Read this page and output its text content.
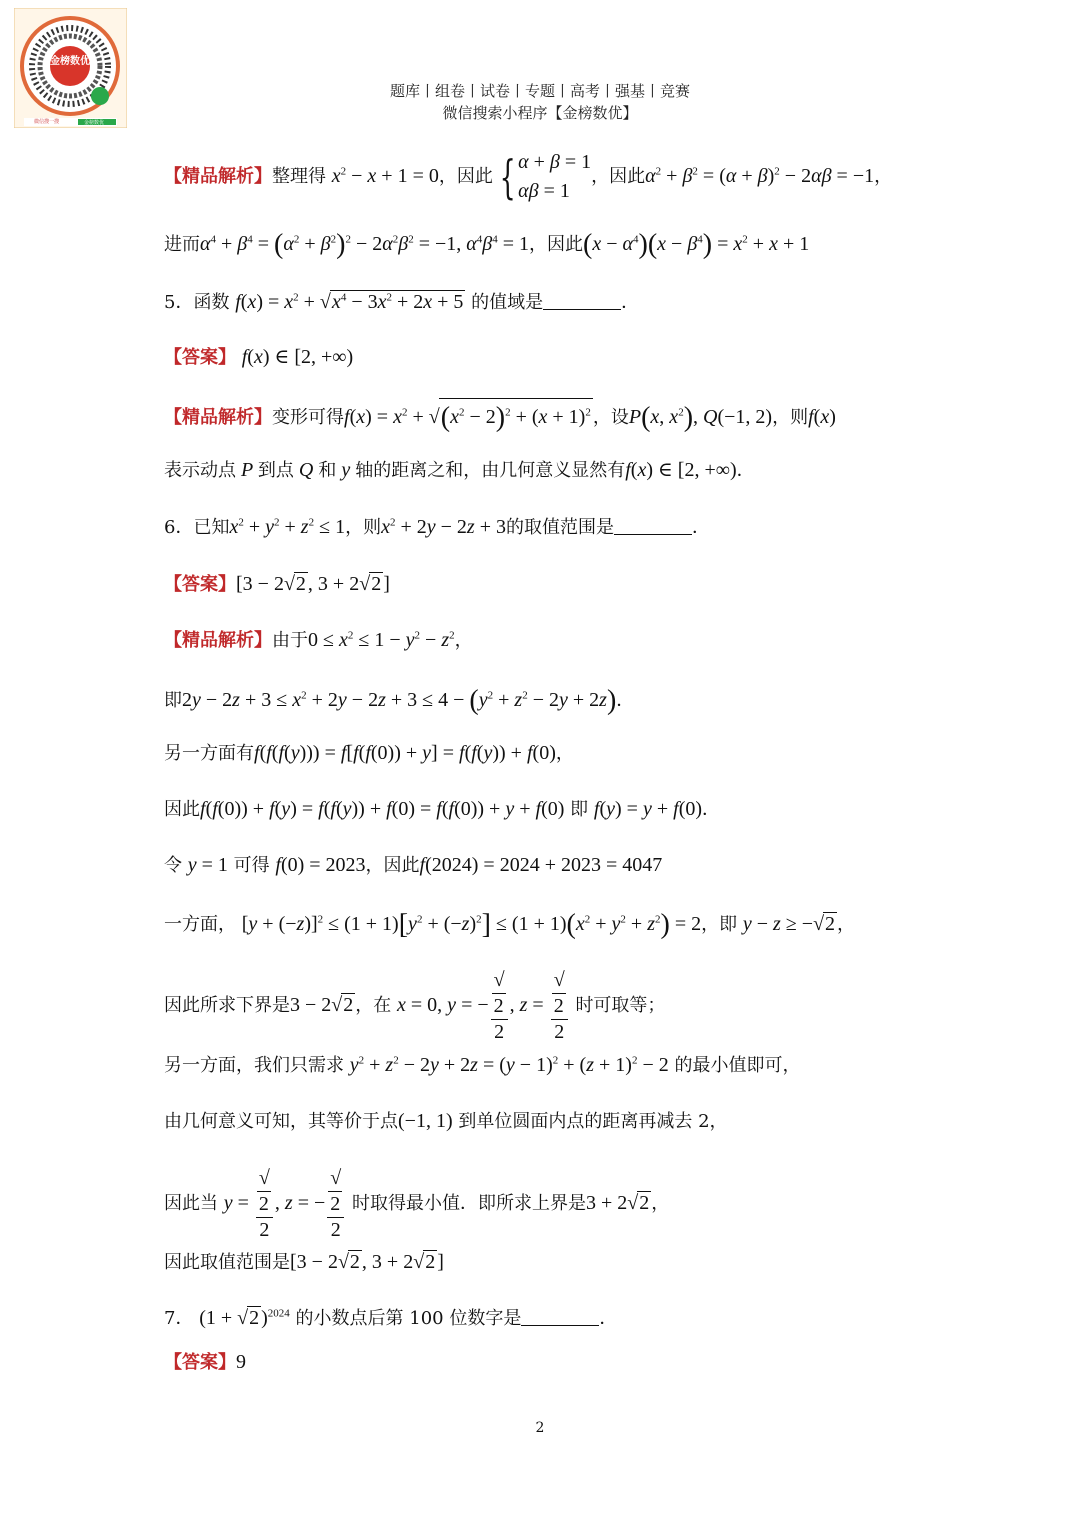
金榜数优
微信搜一搜	金榜数优
题库丨组卷丨试卷丨专题丨高考丨强基丨竞赛
微信搜索小程序【金榜数优】
【精品解析】整理得 $x^2 - x + 1 = 0$，因此 { α + β = 1
αβ = 1，因此$\alpha^2 + \beta^2 = (\alpha + \beta)^2 - 2\alpha\beta = -1$，
进而$\alpha^4 + \beta^4 = (\alpha^2 + \beta^2)^2 - 2\alpha^2\beta^2 = -1$, $\alpha^4\beta^4 = 1$，因此$(x - \alpha^4)(x - \beta^4) = x^2 + x + 1$
5．函数 $f(x) = x^2 + √x^4 - 3x^2 + 2x + 5$ 的值域是	．
【答案】 f(x) ∈ [2, +∞)
【精品解析】变形可得$f(x) = x^2 + √(x^2 - 2)^2 + (x + 1)^2$ ，设P(x, $x^2$), Q(−1, 2)，则f(x)
表示动点 P 到点 Q 和 y 轴的距离之和，由几何意义显然有f(x) ∈ [2, +∞)．
6．已知$x^2 + y^2 + z^2 \le 1$，则$x^2 + 2y - 2z + 3$的取值范围是	．
【答案】[3 − 2√2 , 3 + 2√2 ]
【精品解析】由于$0 \le x^2 \le 1 - y^2 - z^2$，
即$2y - 2z + 3 \le x^2 + 2y - 2z + 3 \le 4 - (y^2 + z^2 - 2y + 2z)$．
另一方面有f(f(f(y))) = f[f(f(0)) + y] = f(f(y)) + f(0)，
因此f(f(0)) + f(y) = f(f(y)) + f(0) = f(f(0)) + y + f(0) 即 f(y) = y + f(0)．
令 y = 1 可得 f(0) = 2023，因此f(2024) = 2024 + 2023 = 4047
一方面， $[y + (-z)]^2 \le (1 + 1)[y^2 + (-z)^2] \le (1 + 1)(x^2 + y^2 + z^2) = 2$，即 y − z ≥ −√2 ，
因此所求下界是3 − 2√2 ，在 x = 0, y = − √
2
2 , z = √
2
2 时可取等；
另一方面，我们只需求 $y^2 + z^2 - 2y + 2z = (y - 1)^2 + (z + 1)^2 - 2$ 的最小值即可，
由几何意义可知，其等价于点(−1, 1) 到单位圆面内点的距离再减去 2，
因此当 y = √
2
2 , z = − √
2
2 时取得最小值．即所求上界是3 + 2√2 ，
因此取值范围是[3 − 2√2 , 3 + 2√2 ]
7． (1 + √2 )$^{2024}$ 的小数点后第 100 位数字是	．
【答案】9
2
